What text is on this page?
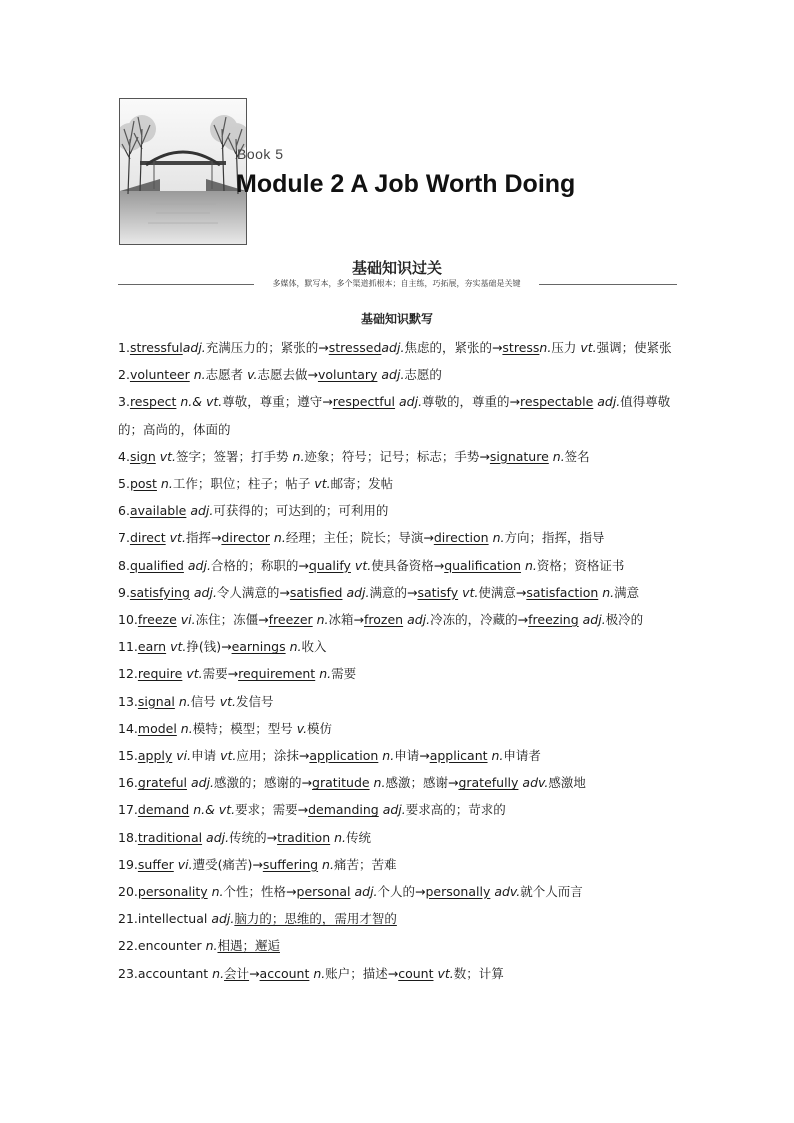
Book 5
Module 2 A Job Worth Doing
基础知识过关
多媒体，默写本，多个渠道抓根本；自主练，巧拓展，夯实基础是关键
基础知识默写

1.stressfuladj.充满压力的；紧张的→stressedadj.焦虑的，紧张的→stressn.压力 vt.强调；使紧张

2.volunteer n.志愿者 v.志愿去做→voluntary adj.志愿的

3.respect n.& vt.尊敬，尊重；遵守→respectful adj.尊敬的，尊重的→respectable adj.值得尊敬的；高尚的，体面的

4.sign vt.签字；签署；打手势 n.迹象；符号；记号；标志；手势→signature n.签名

5.post n.工作；职位；柱子；帖子 vt.邮寄；发帖

6.available adj.可获得的；可达到的；可利用的

7.direct vt.指挥→director n.经理；主任；院长；导演→direction n.方向；指挥，指导

8.qualified adj.合格的；称职的→qualify vt.使具备资格→qualification n.资格；资格证书

9.satisfying adj.令人满意的→satisfied adj.满意的→satisfy vt.使满意→satisfaction n.满意

10.freeze vi.冻住；冻僵→freezer n.冰箱→frozen adj.冷冻的，冷藏的→freezing adj.极冷的

11.earn vt.挣(钱)→earnings n.收入

12.require vt.需要→requirement n.需要

13.signal n.信号 vt.发信号

14.model n.模特；模型；型号 v.模仿

15.apply vi.申请 vt.应用；涂抹→application n.申请→applicant n.申请者

16.grateful adj.感激的；感谢的→gratitude n.感激；感谢→gratefully adv.感激地

17.demand n.& vt.要求；需要→demanding adj.要求高的；苛求的

18.traditional adj.传统的→tradition n.传统

19.suffer vi.遭受(痛苦)→suffering n.痛苦；苦难

20.personality n.个性；性格→personal adj.个人的→personally adv.就个人而言

21.intellectual adj.脑力的；思维的，需用才智的

22.encounter n.相遇；邂逅

23.accountant n.会计→account n.账户；描述→count vt.数；计算
